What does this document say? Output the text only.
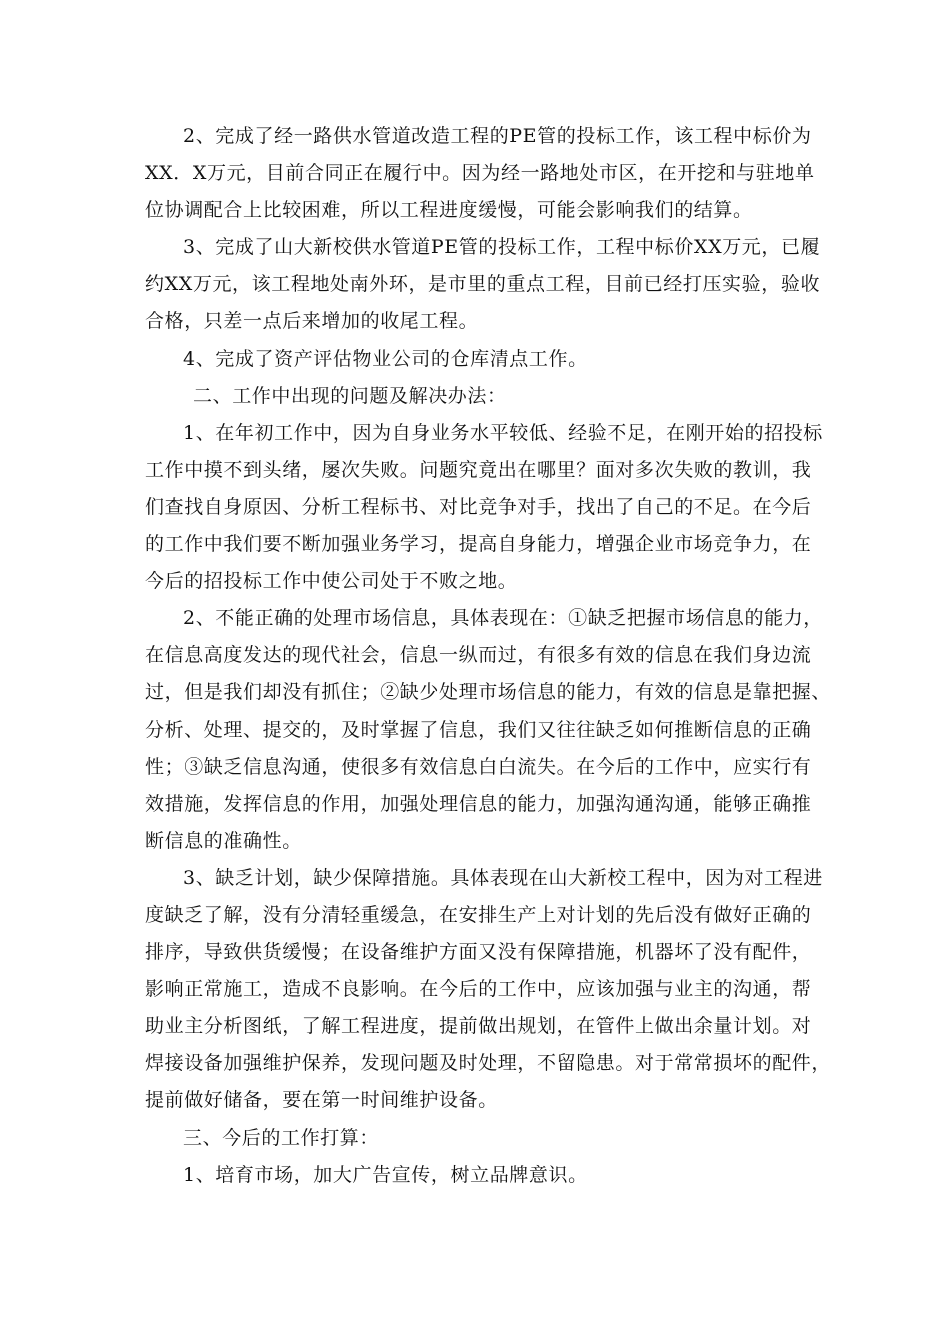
2、完成了经一路供水管道改造工程的PE管的投标工作，该工程中标价为
XX．X万元，目前合同正在履行中。因为经一路地处市区，在开挖和与驻地单
位协调配合上比较困难，所以工程进度缓慢，可能会影响我们的结算。
3、完成了山大新校供水管道PE管的投标工作，工程中标价XX万元，已履
约XX万元，该工程地处南外环，是市里的重点工程，目前已经打压实验，验收
合格，只差一点后来增加的收尾工程。
4、完成了资产评估物业公司的仓库清点工作。
二、工作中出现的问题及解决办法：
1、在年初工作中，因为自身业务水平较低、经验不足，在刚开始的招投标
工作中摸不到头绪，屡次失败。问题究竟出在哪里？面对多次失败的教训，我
们查找自身原因、分析工程标书、对比竞争对手，找出了自己的不足。在今后
的工作中我们要不断加强业务学习，提高自身能力，增强企业市场竞争力，在
今后的招投标工作中使公司处于不败之地。
2、不能正确的处理市场信息，具体表现在：①缺乏把握市场信息的能力，
在信息高度发达的现代社会，信息一纵而过，有很多有效的信息在我们身边流
过，但是我们却没有抓住；②缺少处理市场信息的能力，有效的信息是靠把握、
分析、处理、提交的，及时掌握了信息，我们又往往缺乏如何推断信息的正确
性；③缺乏信息沟通，使很多有效信息白白流失。在今后的工作中，应实行有
效措施，发挥信息的作用，加强处理信息的能力，加强沟通沟通，能够正确推
断信息的准确性。
3、缺乏计划，缺少保障措施。具体表现在山大新校工程中，因为对工程进
度缺乏了解，没有分清轻重缓急，在安排生产上对计划的先后没有做好正确的
排序，导致供货缓慢；在设备维护方面又没有保障措施，机器坏了没有配件，
影响正常施工，造成不良影响。在今后的工作中，应该加强与业主的沟通，帮
助业主分析图纸，了解工程进度，提前做出规划，在管件上做出余量计划。对
焊接设备加强维护保养，发现问题及时处理，不留隐患。对于常常损坏的配件，
提前做好储备，要在第一时间维护设备。
三、今后的工作打算：
1、培育市场，加大广告宣传，树立品牌意识。
